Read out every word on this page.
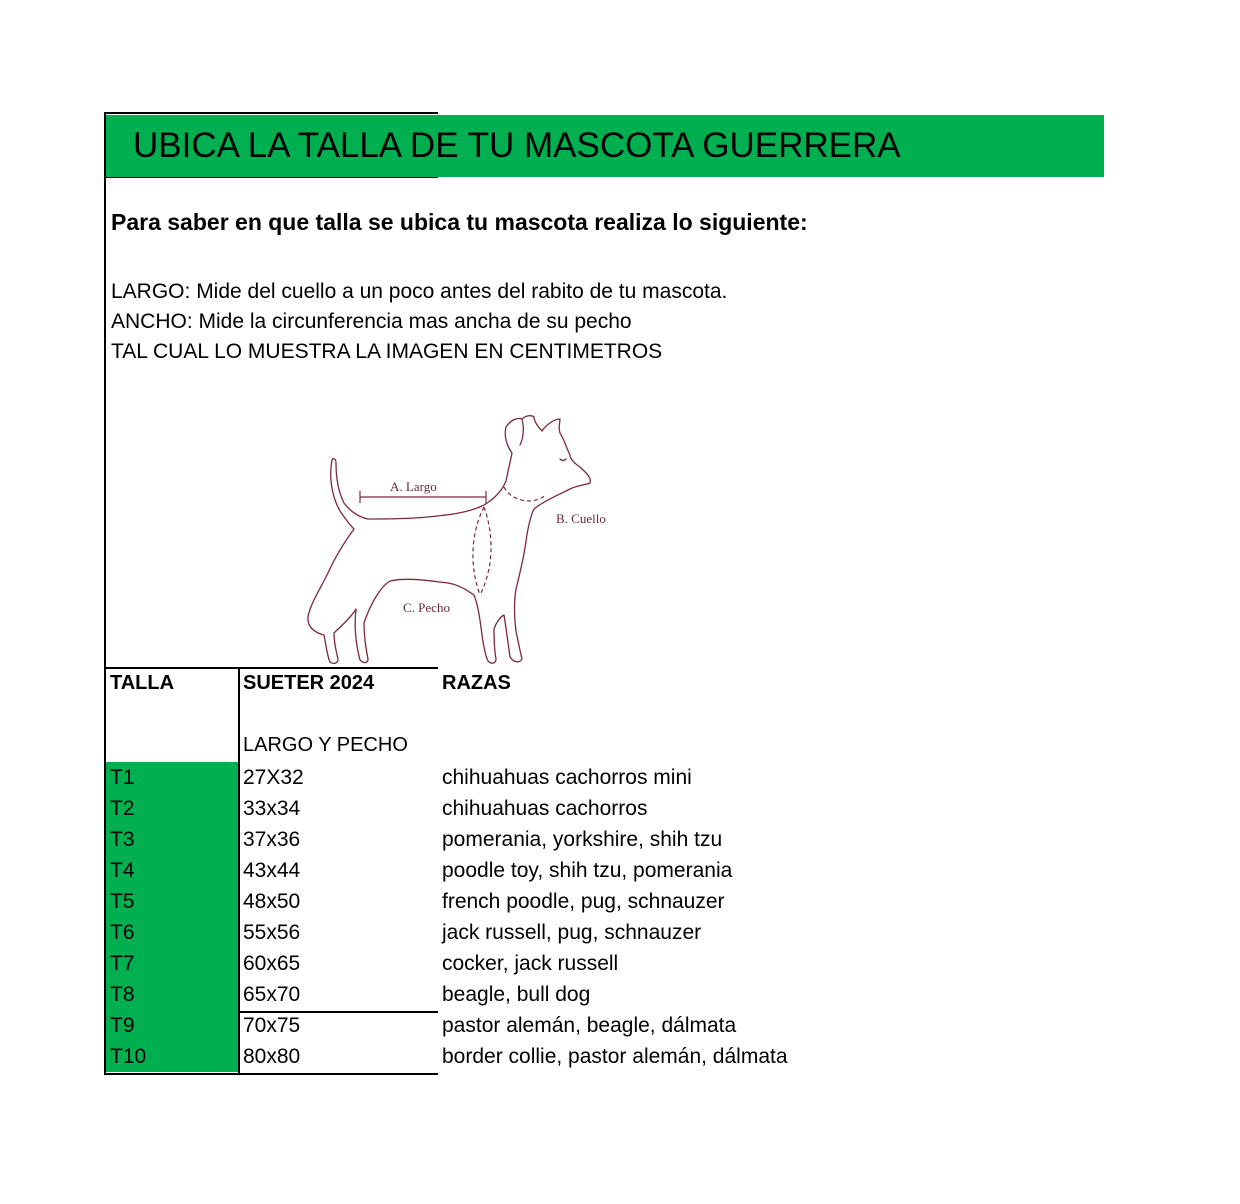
UBICA LA TALLA DE TU MASCOTA GUERRERA
Para saber en que talla se ubica tu mascota realiza lo siguiente:
LARGO: Mide del cuello a un poco antes del rabito de tu mascota.
ANCHO: Mide la circunferencia mas ancha de su pecho
TAL CUAL LO MUESTRA LA IMAGEN EN CENTIMETROS
A. Largo
B. Cuello
C. Pecho
TALLA	SUETER 2024	RAZAS
LARGO Y PECHO
T1	27X32	chihuahuas cachorros mini
T2	33x34	chihuahuas cachorros
T3	37x36	pomerania, yorkshire, shih tzu
T4	43x44	poodle toy, shih tzu, pomerania
T5	48x50	french poodle, pug, schnauzer
T6	55x56	jack russell, pug, schnauzer
T7	60x65	cocker, jack russell
T8	65x70	beagle, bull dog
T9	70x75	pastor alemán, beagle, dálmata
T10	80x80	border collie, pastor alemán, dálmata
